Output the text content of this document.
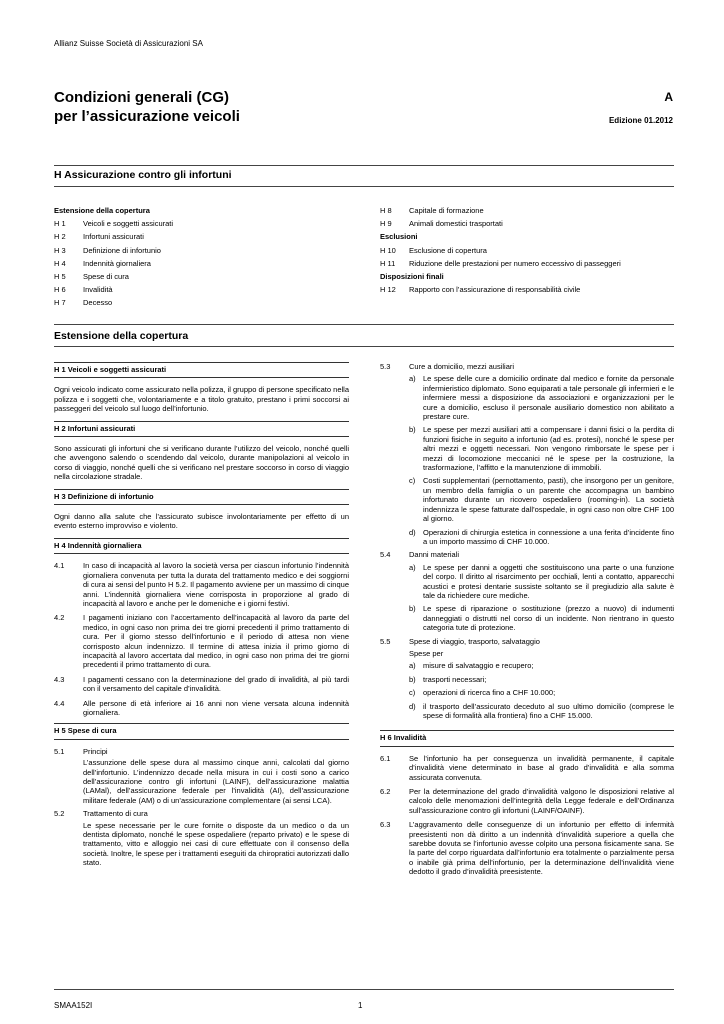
Allianz Suisse Società di Assicurazioni SA
Condizioni generali (CG)
per l’assicurazione veicoli
A
Edizione 01.2012
H Assicurazione contro gli infortuni
Estensione della copertura
H 1 Veicoli e soggetti assicurati
H 2 Infortuni assicurati
H 3 Definizione di infortunio
H 4 Indennità giornaliera
H 5 Spese di cura
H 6 Invalidità
H 7 Decesso
H 8 Capitale di formazione
H 9 Animali domestici trasportati
Esclusioni
H 10 Esclusione di copertura
H 11 Riduzione delle prestazioni per numero eccessivo di passeggeri
Disposizioni finali
H 12 Rapporto con l’assicurazione di responsabilità civile
Estensione della copertura
H 1 Veicoli e soggetti assicurati

Ogni veicolo indicato come assicurato nella polizza, il gruppo di persone specificato nella polizza e i soggetti che, volontariamente e a titolo gratuito, prestano i primi soccorsi ai passeggeri del veicolo sul luogo dell’infortunio.

H 2 Infortuni assicurati

Sono assicurati gli infortuni che si verificano durante l’utilizzo del veicolo, nonché quelli che avvengono salendo o scendendo dal veicolo, durante manipolazioni al veicolo in corso di viaggio, nonché quelli che si verificano nel prestare soccorso in corso di viaggio nella circolazione stradale.

H 3 Definizione di infortunio

Ogni danno alla salute che l’assicurato subisce involontariamente per effetto di un evento esterno improvviso e violento.

H 4 Indennità giornaliera
4.1	In caso di incapacità al lavoro la società versa per ciascun infortunio l’indennità giornaliera convenuta per tutta la durata del trattamento medico e dei soggiorni di cura ai sensi del punto H 5.2. Il pagamento avviene per un massimo di cinque anni. L’indennità giornaliera viene corrisposta in proporzione al grado di incapacità al lavoro e anche per le domeniche e i giorni festivi.
4.2	I pagamenti iniziano con l’accertamento dell’incapacità al lavoro da parte del medico, in ogni caso non prima dei tre giorni precedenti il primo trattamento di cura. Per il giorno stesso dell’infortunio e il periodo di attesa non viene corrisposto alcun indennizzo. Il termine di attesa inizia il primo giorno di incapacità al lavoro accertata dal medico, in ogni caso non prima dei tre giorni precedenti il primo trattamento di cura.
4.3	I pagamenti cessano con la determinazione del grado di invalidità, al più tardi con il versamento del capitale d’invalidità.
4.4	Alle persone di età inferiore ai 16 anni non viene versata alcuna indennità giornaliera.
H 5 Spese di cura
5.1	Principi
L’assunzione delle spese dura al massimo cinque anni, calcolati dal giorno dell’infortunio. L’indennizzo decade nella misura in cui i costi sono a carico dell’assicurazione contro gli infortuni (LAINF), dell’assicurazione malattia (LAMal), dell’assicurazione federale per l’invalidità (AI), dell’assicurazione militare federale (AM) o di un’assicurazione complementare (ai sensi LCA).
5.2	Trattamento di cura
Le spese necessarie per le cure fornite o disposte da un medico o da un dentista diplomato, nonché le spese ospedaliere (reparto privato) e le spese di trattamento, vitto e alloggio nei casi di cure effettuate con il consenso della società. Inoltre, le spese per i trattamenti eseguiti da chiropratici autorizzati dallo stato.
5.3	Cure a domicilio, mezzi ausiliari
a) Le spese delle cure a domicilio ordinate dal medico e fornite da personale infermieristico diplomato. Sono equiparati a tale personale gli infermieri e le infermiere messi a disposizione da associazioni e organizzazioni per le cure a domicilio, escluso il personale ausiliario domestico non abilitato a prestare cure.
b) Le spese per mezzi ausiliari atti a compensare i danni fisici o la perdita di funzioni fisiche in seguito a infortunio (ad es. protesi), nonché le spese per altri mezzi e oggetti necessari. Non vengono rimborsate le spese per i mezzi di locomozione meccanici né le spese per la costruzione, la trasformazione, l’affitto e la manutenzione di immobili.
c)	Costi supplementari (pernottamento, pasti), che insorgono per un genitore, un membro della famiglia o un parente che accompagna un bambino infortunato durante un ricovero ospedaliero (rooming-in). La società indennizza le spese fatturate dall’ospedale, in ogni caso non oltre CHF 100 al giorno.
d) Operazioni di chirurgia estetica in connessione a una ferita d’incidente fino a un importo massimo di CHF 10.000.
5.4	Danni materiali
a) Le spese per danni a oggetti che sostituiscono una parte o una funzione del corpo. Il diritto al risarcimento per occhiali, lenti a contatto, apparecchi acustici e protesi dentarie sussiste soltanto se il pregiudizio alla salute è tale da richiedere cure mediche.
b) Le spese di riparazione o sostituzione (prezzo a nuovo) di indumenti danneggiati o distrutti nel corso di un incidente. Non rientrano in questo categoria tute di protezione.
5.5	Spese di viaggio, trasporto, salvataggio
Spese per
a) misure di salvataggio e recupero;
b) trasporti necessari;
c)	operazioni di ricerca fino a CHF 10.000;
d) il trasporto dell’assicurato deceduto al suo ultimo domicilio (comprese le spese di formalità alla frontiera) fino a CHF 15.000.
H 6 Invalidità
6.1	Se l’infortunio ha per conseguenza un invalidità permanente, il capitale d’invalidità viene determinato in base al grado d’invalidità e alla somma assicurata convenuta.
6.2	Per la determinazione del grado d’invalidità valgono le disposizioni relative al calcolo delle menomazioni dell’integrità della Legge federale e dell’Ordinanza sull’assicurazione contro gli infortuni (LAINF/OAINF).
6.3	L’aggravamento delle conseguenze di un infortunio per effetto di infermità preesistenti non dà diritto a un indennità d’invalidità superiore a quella che sarebbe dovuta se l’infortunio avesse colpito una persona fisicamente sana. Se la parte del corpo riguardata dall’infortunio era totalmente o parzialmente persa o inabile già prima dell’infortunio, per la determinazione dell’invalidità viene dedotto il grado d’invalidità preesistente.
SMAA152I	1
